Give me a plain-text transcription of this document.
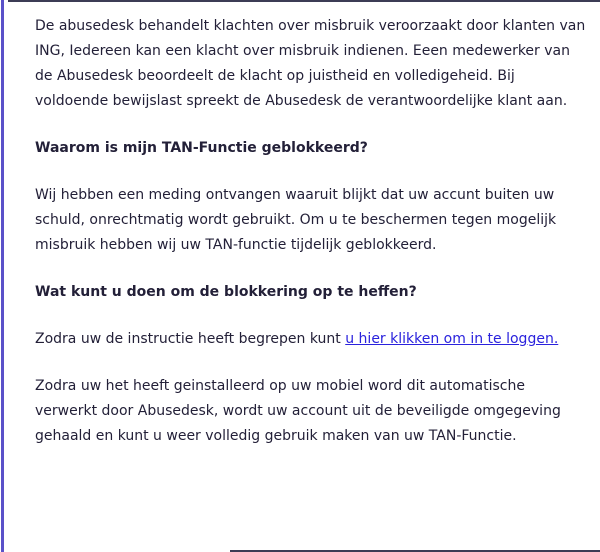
De abusedesk behandelt klachten over misbruik veroorzaakt door klanten van ING, Iedereen kan een klacht over misbruik indienen. Eeen medewerker van de Abusedesk beoordeelt de klacht op juistheid en volledigeheid. Bij voldoende bewijslast spreekt de Abusedesk de verantwoordelijke klant aan.

Waarom is mijn TAN-Functie geblokkeerd?

Wij hebben een meding ontvangen waaruit blijkt dat uw accunt buiten uw schuld, onrechtmatig wordt gebruikt. Om u te beschermen tegen mogelijk misbruik hebben wij uw TAN-functie tijdelijk geblokkeerd.

Wat kunt u doen om de blokkering op te heffen?

Zodra uw de instructie heeft begrepen kunt u hier klikken om in te loggen.

Zodra uw het heeft geinstalleerd op uw mobiel word dit automatische verwerkt door Abusedesk, wordt uw account uit de beveiligde omgegeving gehaald en kunt u weer volledig gebruik maken van uw TAN-Functie.
